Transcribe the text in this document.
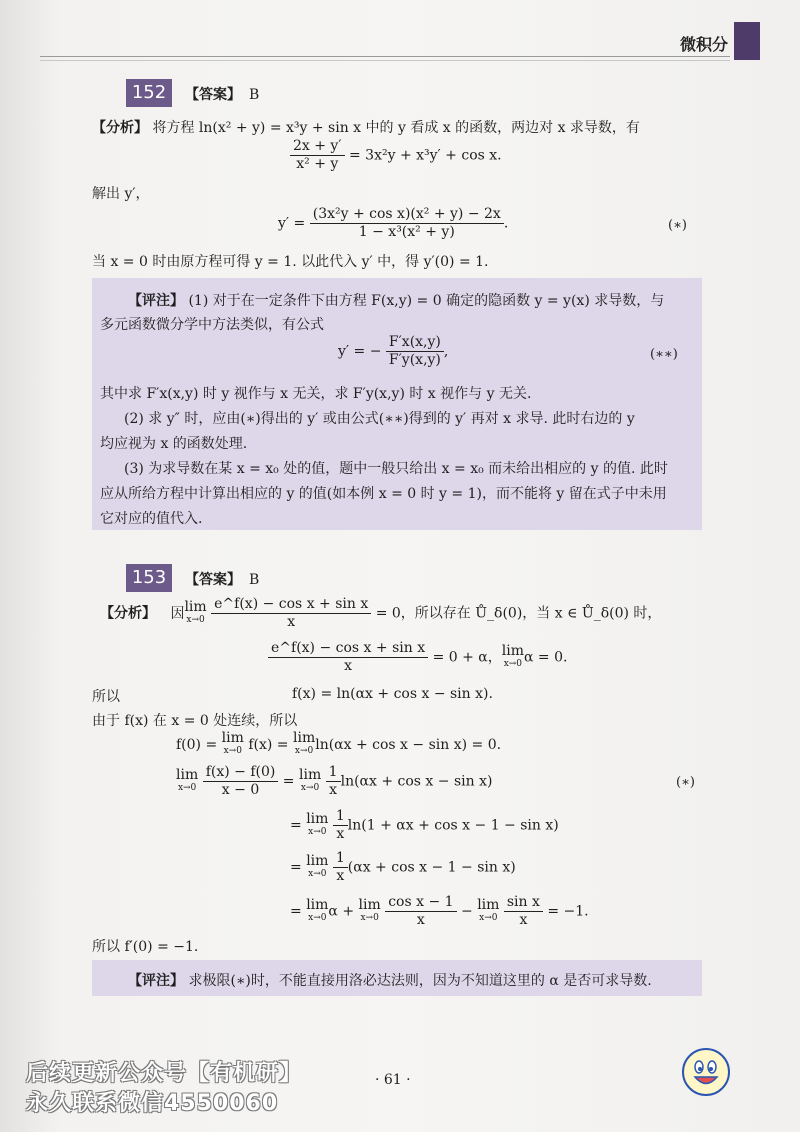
微积分
152	【答案】 B
【分析】 将方程 ln(x² + y) = x³y + sin x 中的 y 看成 x 的函数，两边对 x 求导数，有
$\frac{2x + y'}{\text{x² + y}} = 3x^2y + x^3y' + \cos x$.
解出 y′，
$y' = \frac{\text{(3x²y + cos x)(x² + y) − 2x}}{\text{1 − x³(x² + y)}}$ .	(∗)
当 x = 0 时由原方程可得 y = 1. 以此代入 y′ 中，得 y′(0) = 1.
【评注】 (1) 对于在一定条件下由方程 F(x,y) = 0 确定的隐函数 y = y(x) 求导数，与
多元函数微分学中方法类似，有公式
y′ = − $\frac{F'x(x,y)}{F'y(x,y)}$ ,	(∗∗)
其中求 F′x(x,y) 时 y 视作与 x 无关，求 F′y(x,y) 时 x 视作与 y 无关.
(2) 求 y″ 时，应由(∗)得出的 y′ 或由公式(∗∗)得到的 y′ 再对 x 求导. 此时右边的 y
均应视为 x 的函数处理.
(3) 为求导数在某 x = x₀ 处的值，题中一般只给出 x = x₀ 而未给出相应的 y 的值. 此时
应从所给方程中计算出相应的 y 的值(如本例 x = 0 时 y = 1)，而不能将 y 留在式子中未用
它对应的值代入.
153	【答案】 B
【分析】 因lim
x→0
$\frac{\text{e\textasciicircum{}f(x) − cos x + sin x}}{x} = 0$，所以存在 Ů_δ(0)，当 x ∈ Ů_δ(0) 时，
$\frac{\text{e\textasciicircum{}f(x) − cos x + sin x}}{x} = 0 + \alpha$，lim
x→0 α = 0.
所以	f(x) = ln(αx + cos x − sin x).
由于 f(x) 在 x = 0 处连续，所以
f(0) = lim
x→0 f(x) = lim
x→0 ln(αx + cos x − sin x) = 0.
lim
x→0
$\frac{f(x) - f(0)}{x - 0} = \lim$
x→0
$\frac{1}{x} \ln(\alpha x + \cos x - \sin x)$	(∗)
= lim
x→0
$\frac{1}{x} \ln(1 + \alpha x + \cos x - 1 - \sin x)$
= lim
x→0
$\frac{1}{x} (\alpha x + \cos x - 1 - \sin x)$
= lim
x→0 α + lim
x→0
$\frac{\text{cos x − 1}}{x} - \lim$
x→0
$\frac{\text{sin x}}{x} = -1$.
所以 f′(0) = −1.
【评注】 求极限(∗)时，不能直接用洛必达法则，因为不知道这里的 α 是否可求导数.
后续更新公众号【有机研】
永久联系微信4550060
· 61 ·
